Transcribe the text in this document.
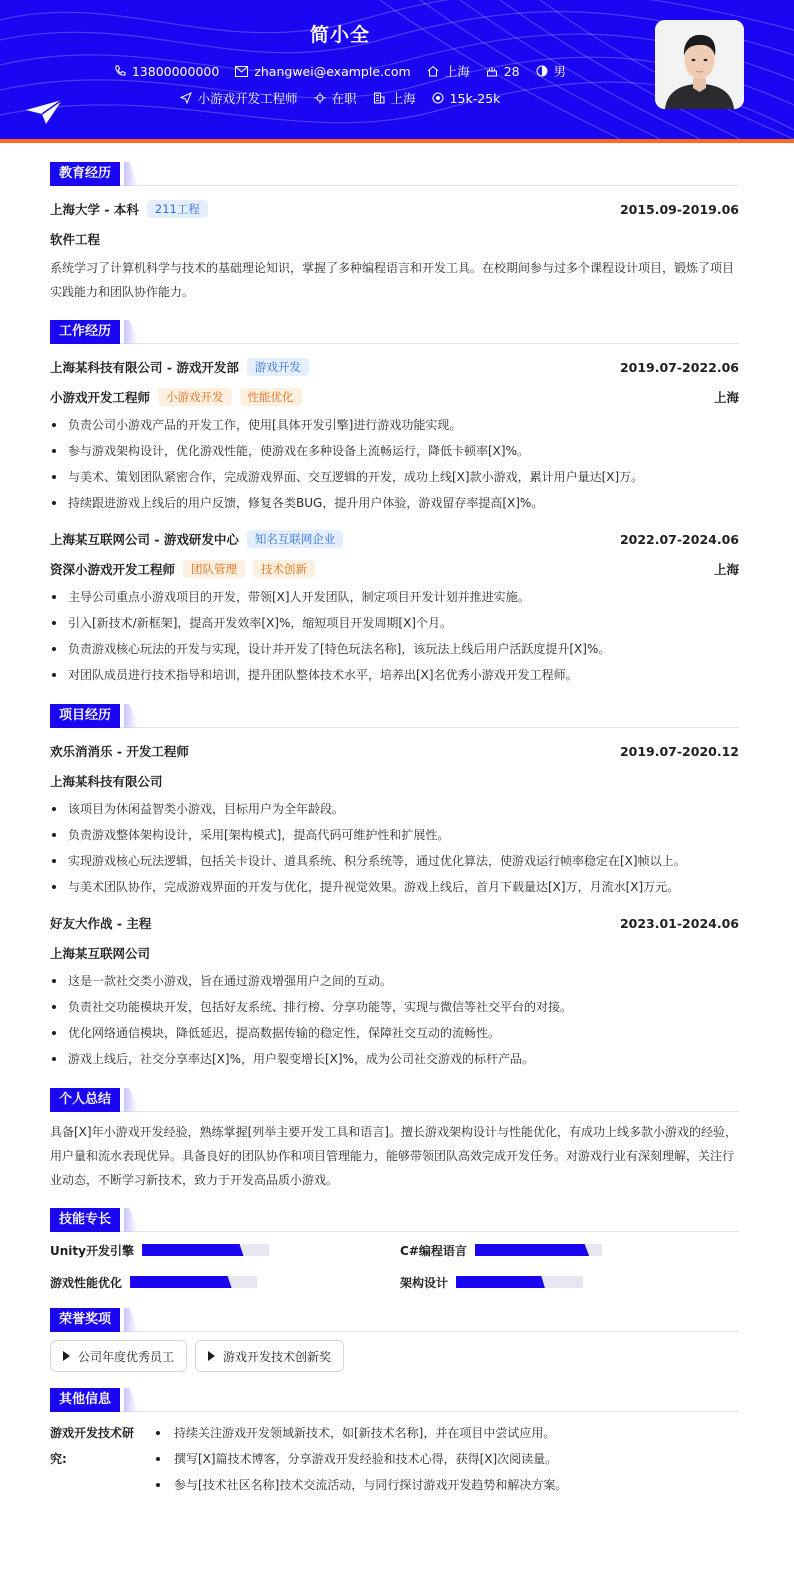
简小全
13800000000	zhangwei@example.com	上海	28	男
小游戏开发工程师	在职	上海	15k-25k
教育经历
上海大学 - 本科	211工程	2015.09-2019.06
软件工程

系统学习了计算机科学与技术的基础理论知识，掌握了多种编程语言和开发工具。在校期间参与过多个课程设计项目，锻炼了项目实践能力和团队协作能力。

工作经历
上海某科技有限公司 - 游戏开发部	游戏开发	2019.07-2022.06
小游戏开发工程师	小游戏开发	性能优化	上海
负责公司小游戏产品的开发工作，使用[具体开发引擎]进行游戏功能实现。
参与游戏架构设计，优化游戏性能，使游戏在多种设备上流畅运行，降低卡顿率[X]%。
与美术、策划团队紧密合作，完成游戏界面、交互逻辑的开发，成功上线[X]款小游戏，累计用户量达[X]万。
持续跟进游戏上线后的用户反馈，修复各类BUG，提升用户体验，游戏留存率提高[X]%。
上海某互联网公司 - 游戏研发中心	知名互联网企业	2022.07-2024.06
资深小游戏开发工程师	团队管理	技术创新	上海
主导公司重点小游戏项目的开发，带领[X]人开发团队，制定项目开发计划并推进实施。
引入[新技术/新框架]，提高开发效率[X]%，缩短项目开发周期[X]个月。
负责游戏核心玩法的开发与实现，设计并开发了[特色玩法名称]，该玩法上线后用户活跃度提升[X]%。
对团队成员进行技术指导和培训，提升团队整体技术水平，培养出[X]名优秀小游戏开发工程师。
项目经历
欢乐消消乐 - 开发工程师	2019.07-2020.12
上海某科技有限公司
该项目为休闲益智类小游戏，目标用户为全年龄段。
负责游戏整体架构设计，采用[架构模式]，提高代码可维护性和扩展性。
实现游戏核心玩法逻辑，包括关卡设计、道具系统、积分系统等，通过优化算法，使游戏运行帧率稳定在[X]帧以上。
与美术团队协作，完成游戏界面的开发与优化，提升视觉效果。游戏上线后，首月下载量达[X]万，月流水[X]万元。
好友大作战 - 主程	2023.01-2024.06
上海某互联网公司
这是一款社交类小游戏，旨在通过游戏增强用户之间的互动。
负责社交功能模块开发，包括好友系统、排行榜、分享功能等，实现与微信等社交平台的对接。
优化网络通信模块，降低延迟，提高数据传输的稳定性，保障社交互动的流畅性。
游戏上线后，社交分享率达[X]%，用户裂变增长[X]%，成为公司社交游戏的标杆产品。
个人总结

具备[X]年小游戏开发经验，熟练掌握[列举主要开发工具和语言]。擅长游戏架构设计与性能优化，有成功上线多款小游戏的经验，用户量和流水表现优异。具备良好的团队协作和项目管理能力，能够带领团队高效完成开发任务。对游戏行业有深刻理解，关注行业动态，不断学习新技术，致力于开发高品质小游戏。

技能专长
Unity开发引擎	C#编程语言
游戏性能优化	架构设计
荣誉奖项
公司年度优秀员工	游戏开发技术创新奖
其他信息
游戏开发技术研究:
持续关注游戏开发领域新技术，如[新技术名称]，并在项目中尝试应用。
撰写[X]篇技术博客，分享游戏开发经验和技术心得，获得[X]次阅读量。
参与[技术社区名称]技术交流活动，与同行探讨游戏开发趋势和解决方案。
